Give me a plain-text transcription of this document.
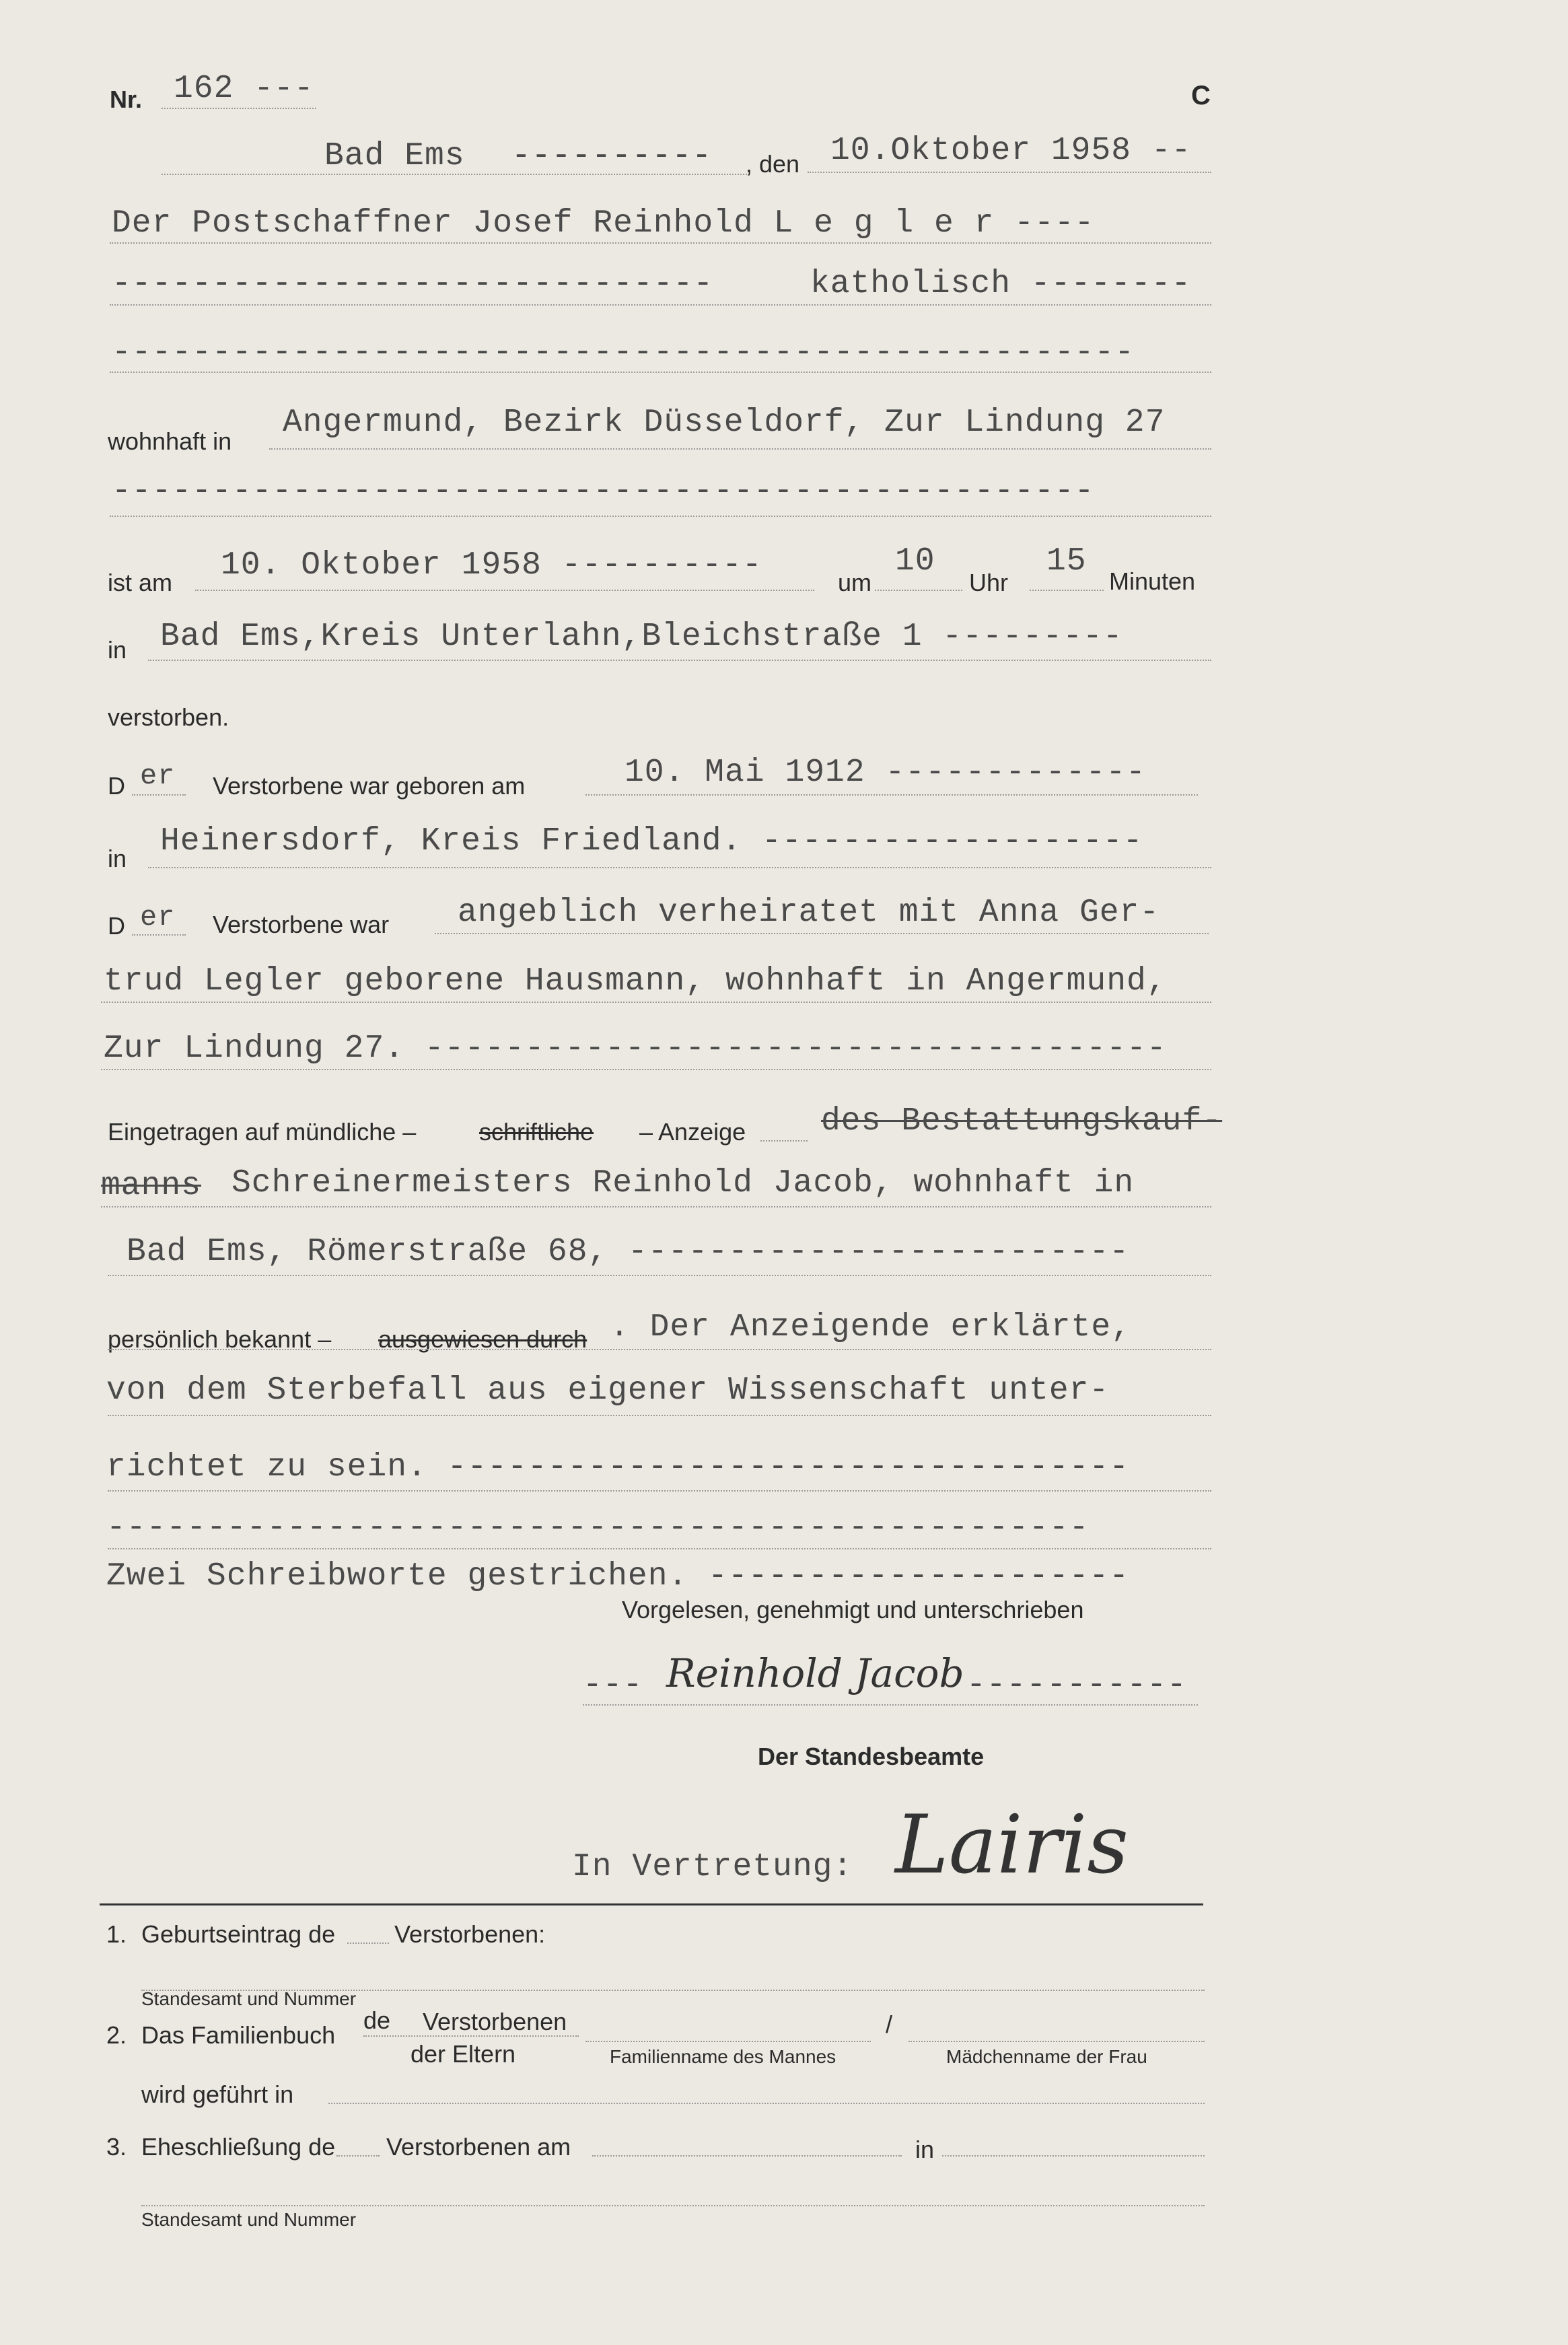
Nr. 162 ---	C
Bad Ems ---------- , den 10.Oktober 1958 --
Der Postschaffner Josef Reinhold L e g l e r ----
------------------------------	katholisch --------
---------------------------------------------------
wohnhaft in
Angermund, Bezirk Düsseldorf, Zur Lindung 27
-------------------------------------------------
ist am 10. Oktober 1958 ----------	um
10
Uhr
15
Minuten
in Bad Ems,Kreis Unterlahn,Bleichstraße 1 ---------
verstorben.
D er Verstorbene war geboren am	10. Mai 1912 -------------
in Heinersdorf, Kreis Friedland. -------------------
D er Verstorbene war angeblich verheiratet mit Anna Ger-
trud Legler geborene Hausmann, wohnhaft in Angermund,
Zur Lindung 27. -------------------------------------
Eingetragen auf mündliche –	schriftliche – Anzeige des Bestattungskauf-
manns Schreinermeisters Reinhold Jacob, wohnhaft in
Bad Ems, Römerstraße 68, -------------------------
persönlich bekannt – ausgewiesen durch . Der Anzeigende erklärte,
von dem Sterbefall aus eigener Wissenschaft unter-
richtet zu sein. ----------------------------------
-------------------------------------------------
Zwei Schreibworte gestrichen. ---------------------
Vorgelesen, genehmigt und unterschrieben
--- Reinhold Jacob -----------
Der Standesbeamte
In Vertretung: Lairis
1. Geburtseintrag de Verstorbenen:
Standesamt und Nummer
2. Das Familienbuch
de Verstorbenen
der Eltern	Familienname des Mannes
/
Mädchenname der Frau
wird geführt in
3. Eheschließung de Verstorbenen am	in
Standesamt und Nummer
